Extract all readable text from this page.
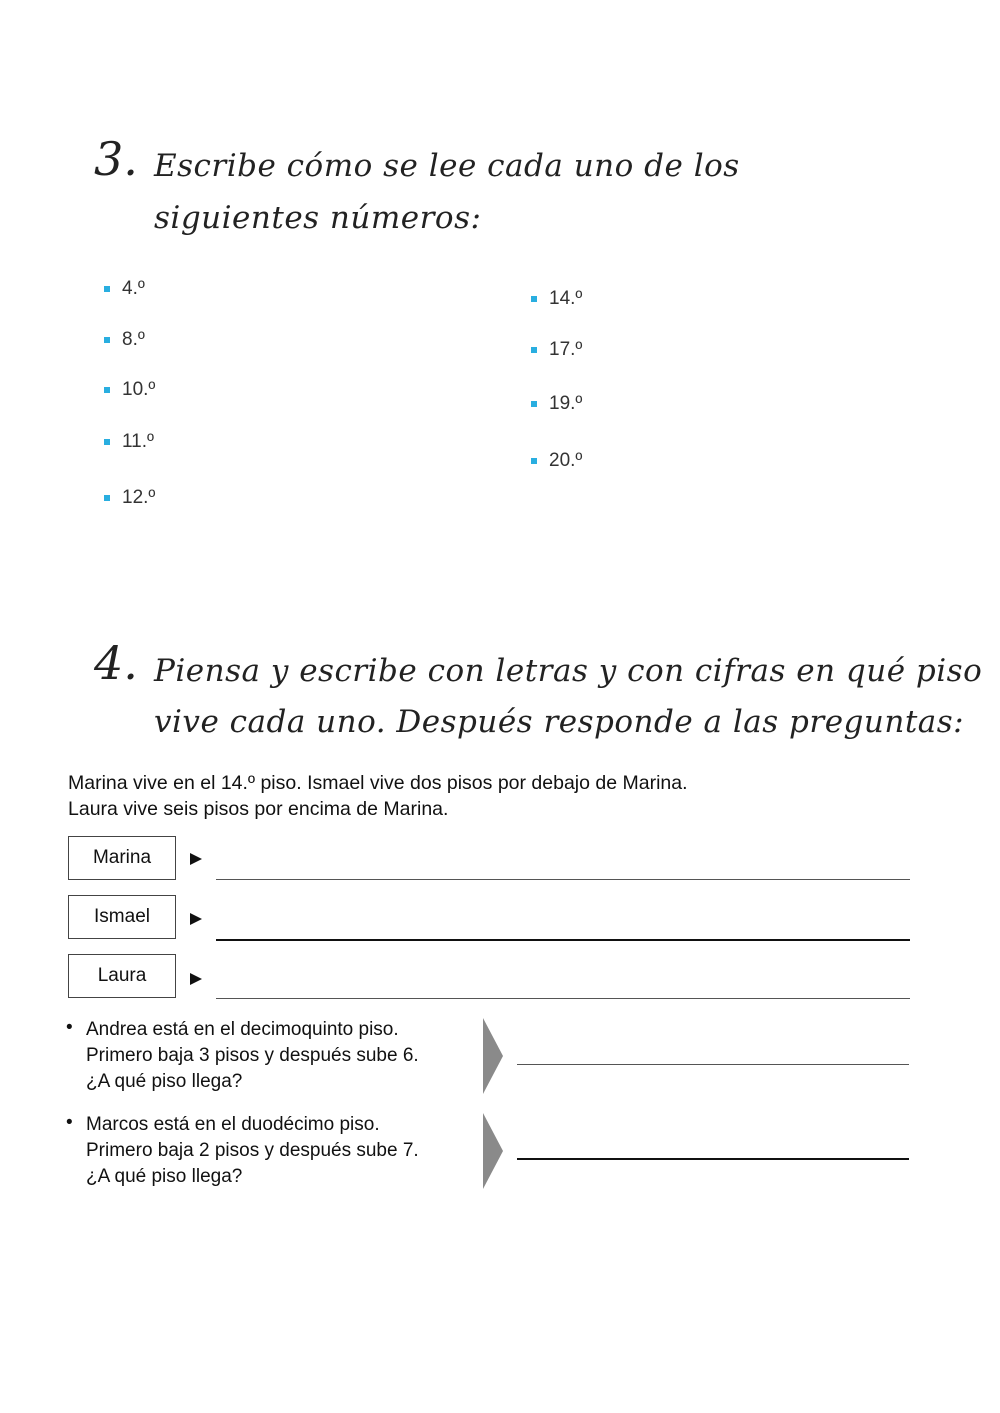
3. Escribe cómo se lee cada uno de los
siguientes números:
4.º
8.º
10.º
11.º
12.º
14.º
17.º
19.º
20.º
4. Piensa y escribe con letras y con cifras en qué piso
vive cada uno. Después responde a las preguntas:
Marina vive en el 14.º piso. Ismael vive dos pisos por debajo de Marina.
Laura vive seis pisos por encima de Marina.
Marina
Ismael
Laura
• Andrea está en el decimoquinto piso.
Primero baja 3 pisos y después sube 6.
¿A qué piso llega?
• Marcos está en el duodécimo piso.
Primero baja 2 pisos y después sube 7.
¿A qué piso llega?
